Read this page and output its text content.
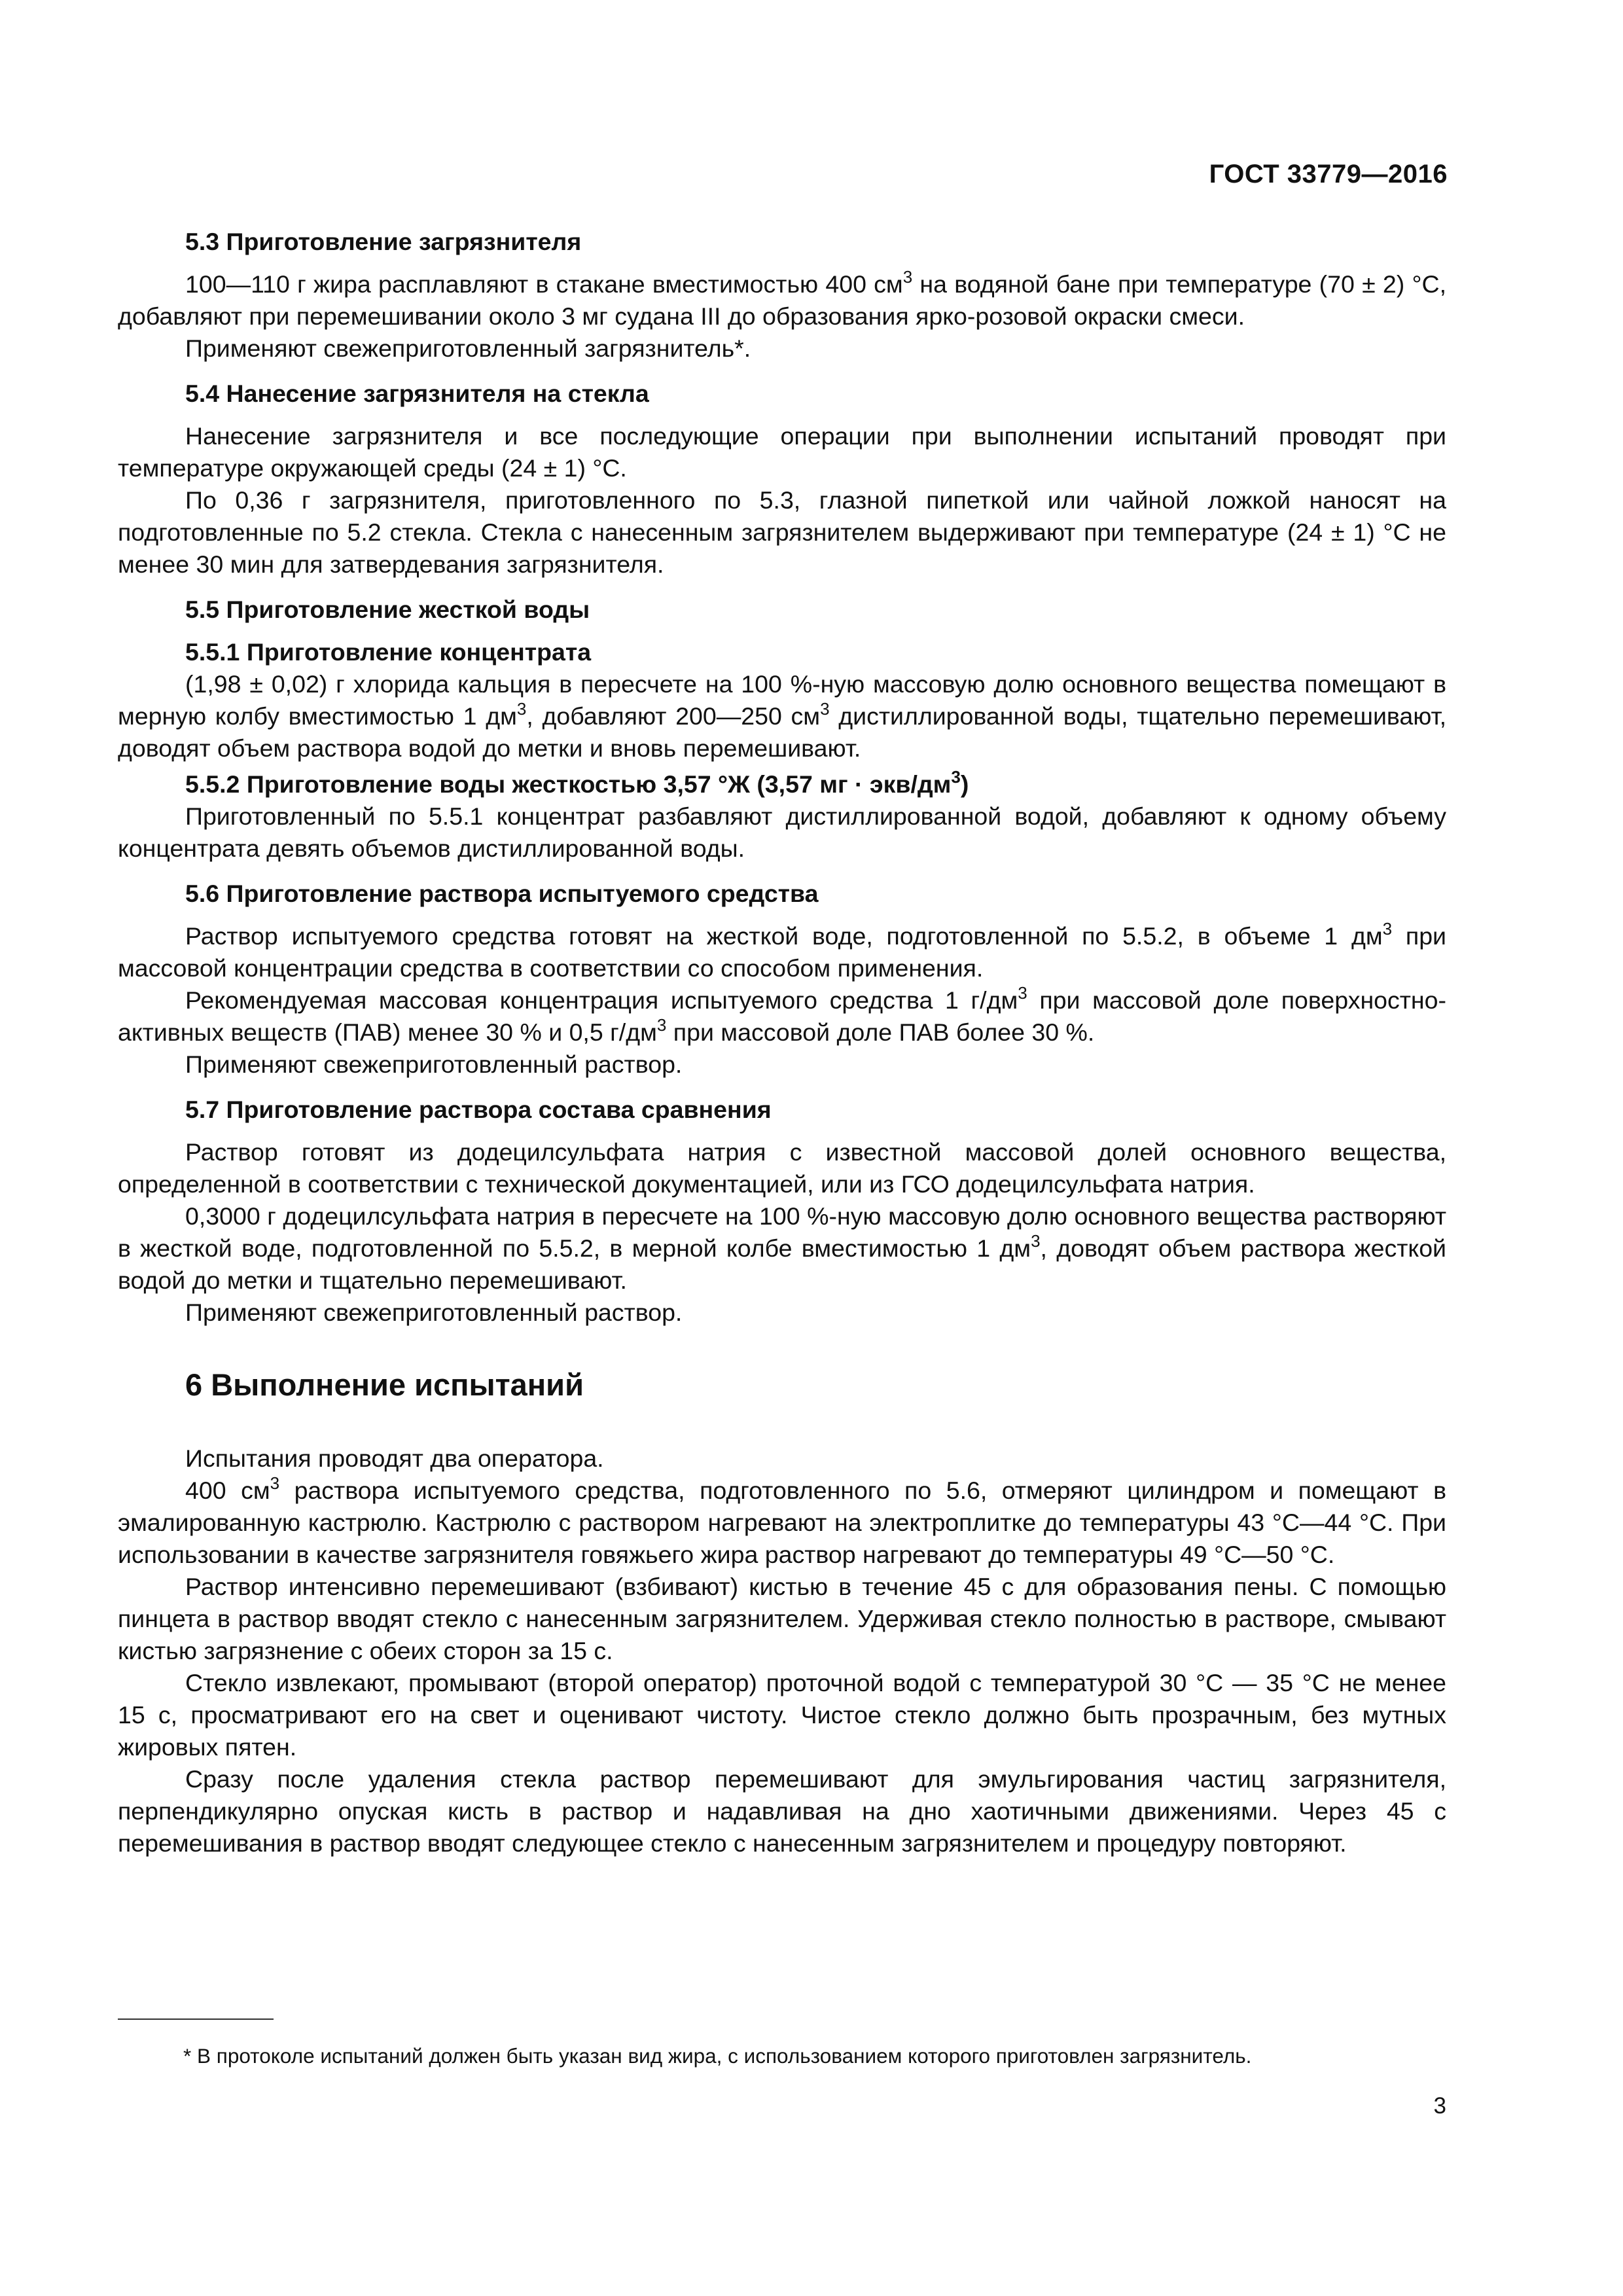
ГОСТ 33779—2016
5.3 Приготовление загрязнителя
100—110 г жира расплавляют в стакане вместимостью 400 $см^3$ на водяной бане при температуре (70 ± 2) °С, добавляют при перемешивании около 3 мг судана III до образования ярко-розовой окраски смеси.
Применяют свежеприготовленный загрязнитель*.
5.4 Нанесение загрязнителя на стекла
Нанесение загрязнителя и все последующие операции при выполнении испытаний проводят при температуре окружающей среды (24 ± 1) °С.
По 0,36 г загрязнителя, приготовленного по 5.3, глазной пипеткой или чайной ложкой наносят на подготовленные по 5.2 стекла. Стекла с нанесенным загрязнителем выдерживают при температуре (24 ± 1) °С не менее 30 мин для затвердевания загрязнителя.
5.5 Приготовление жесткой воды
5.5.1 Приготовление концентрата
(1,98 ± 0,02) г хлорида кальция в пересчете на 100 %-ную массовую долю основного вещества помещают в мерную колбу вместимостью 1 $дм^3$, добавляют 200—250 $см^3$ дистиллированной воды, тщательно перемешивают, доводят объем раствора водой до метки и вновь перемешивают.
5.5.2 Приготовление воды жесткостью 3,57 °Ж (3,57 мг · экв/$дм^3$)
Приготовленный по 5.5.1 концентрат разбавляют дистиллированной водой, добавляют к одному объему концентрата девять объемов дистиллированной воды.
5.6 Приготовление раствора испытуемого средства
Раствор испытуемого средства готовят на жесткой воде, подготовленной по 5.5.2, в объеме 1 $дм^3$ при массовой концентрации средства в соответствии со способом применения.
Рекомендуемая массовая концентрация испытуемого средства 1 $г/дм^3$ при массовой доле поверхностно-активных веществ (ПАВ) менее 30 % и 0,5 $г/дм^3$ при массовой доле ПАВ более 30 %.
Применяют свежеприготовленный раствор.
5.7 Приготовление раствора состава сравнения
Раствор готовят из додецилсульфата натрия с известной массовой долей основного вещества, определенной в соответствии с технической документацией, или из ГСО додецилсульфата натрия.
0,3000 г додецилсульфата натрия в пересчете на 100 %-ную массовую долю основного вещества растворяют в жесткой воде, подготовленной по 5.5.2, в мерной колбе вместимостью 1 $дм^3$, доводят объем раствора жесткой водой до метки и тщательно перемешивают.
Применяют свежеприготовленный раствор.
6 Выполнение испытаний
Испытания проводят два оператора.
400 $см^3$ раствора испытуемого средства, подготовленного по 5.6, отмеряют цилиндром и помещают в эмалированную кастрюлю. Кастрюлю с раствором нагревают на электроплитке до температуры 43 °С—44 °С. При использовании в качестве загрязнителя говяжьего жира раствор нагревают до температуры 49 °С—50 °С.
Раствор интенсивно перемешивают (взбивают) кистью в течение 45 с для образования пены. С помощью пинцета в раствор вводят стекло с нанесенным загрязнителем. Удерживая стекло полностью в растворе, смывают кистью загрязнение с обеих сторон за 15 с.
Стекло извлекают, промывают (второй оператор) проточной водой с температурой 30 °С — 35 °С не менее 15 с, просматривают его на свет и оценивают чистоту. Чистое стекло должно быть прозрачным, без мутных жировых пятен.
Сразу после удаления стекла раствор перемешивают для эмульгирования частиц загрязнителя, перпендикулярно опуская кисть в раствор и надавливая на дно хаотичными движениями. Через 45 с перемешивания в раствор вводят следующее стекло с нанесенным загрязнителем и процедуру повторяют.
* В протоколе испытаний должен быть указан вид жира, с использованием которого приготовлен загрязнитель.
3
